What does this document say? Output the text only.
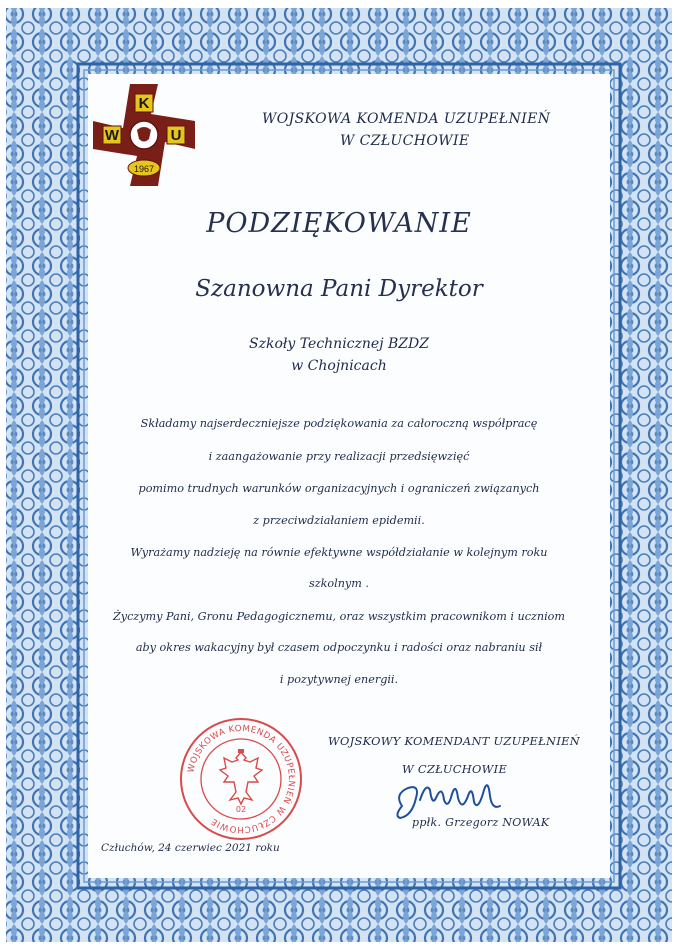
K
W	U
1967
WOJSKOWA KOMENDA UZUPEŁNIEŃ
W CZŁUCHOWIE
PODZIĘKOWANIE
Szanowna Pani Dyrektor
Szkoły Technicznej BZDZ
w Chojnicach
Składamy najserdeczniejsze podziękowania za całoroczną współpracę
i zaangażowanie przy realizacji przedsięwzięć
pomimo trudnych warunków organizacyjnych i ograniczeń związanych
z przeciwdziałaniem epidemii.
Wyrażamy nadzieję na równie efektywne współdziałanie w kolejnym roku
szkolnym .
Życzymy Pani, Gronu Pedagogicznemu, oraz wszystkim pracownikom i uczniom
aby okres wakacyjny był czasem odpoczynku i radości oraz nabraniu sił
i pozytywnej energii.
WOJSKOWA KOMENDA UZUPEŁNIEŃ W CZŁUCHOWIE
02
WOJSKOWY KOMENDANT UZUPEŁNIEŃ
W CZŁUCHOWIE
ppłk. Grzegorz NOWAK
Człuchów, 24 czerwiec 2021 roku
